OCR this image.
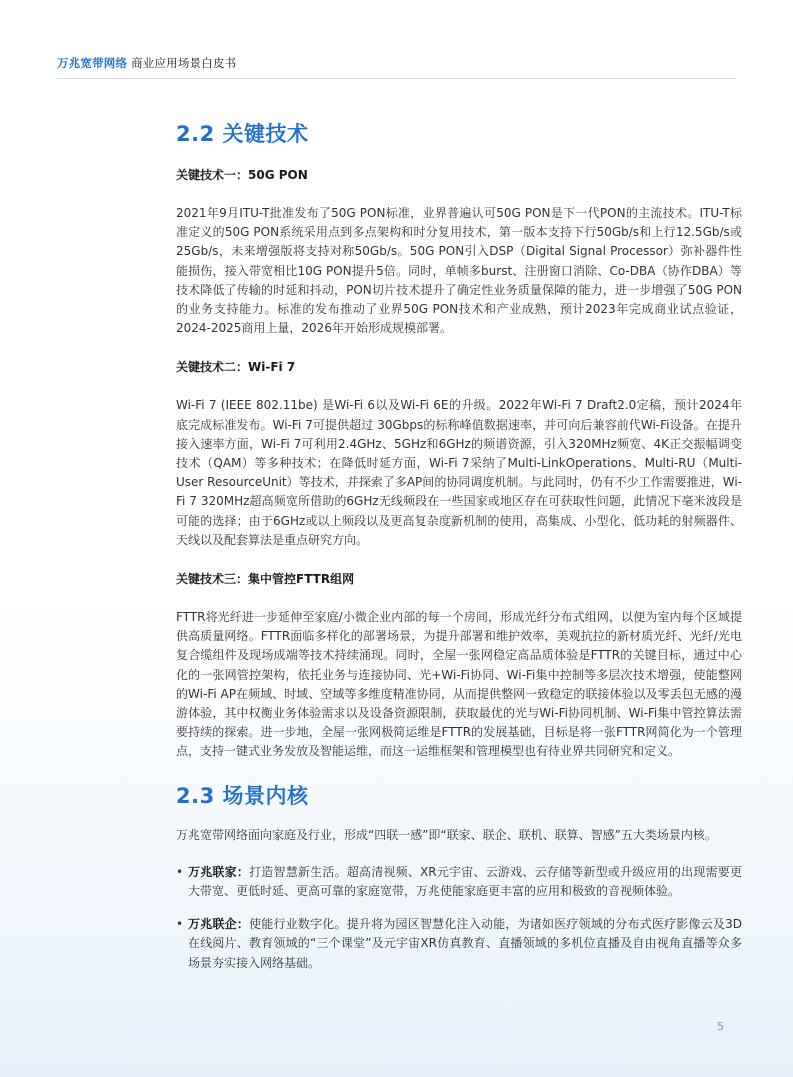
万兆宽带网络 商业应用场景白皮书
2.2 关键技术
关键技术一：50G PON

2021年9月ITU-T批准发布了50G PON标准，业界普遍认可50G PON是下一代PON的主流技术。ITU-T标准定义的50G PON系统采用点到多点架构和时分复用技术，第一版本支持下行50Gb/s和上行12.5Gb/s或25Gb/s，未来增强版将支持对称50Gb/s。50G PON引入DSP（Digital Signal Processor）弥补器件性能损伤，接入带宽相比10G PON提升5倍。同时，单帧多burst、注册窗口消除、Co-DBA（协作DBA）等技术降低了传输的时延和抖动，PON切片技术提升了确定性业务质量保障的能力，进一步增强了50G PON的业务支持能力。标准的发布推动了业界50G PON技术和产业成熟，预计2023年完成商业试点验证，2024-2025商用上量，2026年开始形成规模部署。

关键技术二：Wi-Fi 7

Wi-Fi 7 (IEEE 802.11be) 是Wi-Fi 6以及Wi-Fi 6E的升级。2022年Wi-Fi 7 Draft2.0定稿，预计2024年底完成标准发布。Wi-Fi 7可提供超过 30Gbps的标称峰值数据速率，并可向后兼容前代Wi-Fi设备。在提升接入速率方面，Wi-Fi 7可利用2.4GHz、5GHz和6GHz的频谱资源，引入320MHz频宽、4K正交振幅调变技术（QAM）等多种技术；在降低时延方面，Wi-Fi 7采纳了Multi-LinkOperations、Multi-RU（Multi-User ResourceUnit）等技术，并探索了多AP间的协同调度机制。与此同时，仍有不少工作需要推进，Wi-Fi 7 320MHz超高频宽所借助的6GHz无线频段在一些国家或地区存在可获取性问题，此情况下毫米波段是可能的选择；由于6GHz或以上频段以及更高复杂度新机制的使用，高集成、小型化、低功耗的射频器件、天线以及配套算法是重点研究方向。

关键技术三：集中管控FTTR组网

FTTR将光纤进一步延伸至家庭/小微企业内部的每一个房间，形成光纤分布式组网，以便为室内每个区域提供高质量网络。FTTR面临多样化的部署场景，为提升部署和维护效率，美观抗拉的新材质光纤、光纤/光电复合缆组件及现场成端等技术持续涌现。同时，全屋一张网稳定高品质体验是FTTR的关键目标，通过中心化的一张网管控架构，依托业务与连接协同、光+Wi-Fi协同、Wi-Fi集中控制等多层次技术增强，使能整网的Wi-Fi AP在频域、时域、空域等多维度精准协同，从而提供整网一致稳定的联接体验以及零丢包无感的漫游体验，其中权衡业务体验需求以及设备资源限制，获取最优的光与Wi-Fi协同机制、Wi-Fi集中管控算法需要持续的探索。进一步地，全屋一张网极简运维是FTTR的发展基础，目标是将一张FTTR网简化为一个管理点，支持一键式业务发放及智能运维，而这一运维框架和管理模型也有待业界共同研究和定义。

2.3 场景内核

万兆宽带网络面向家庭及行业，形成“四联一感”即“联家、联企、联机、联算、智感”五大类场景内核。

• 万兆联家：打造智慧新生活。超高清视频、XR元宇宙、云游戏、云存储等新型或升级应用的出现需要更大带宽、更低时延、更高可靠的家庭宽带，万兆使能家庭更丰富的应用和极致的音视频体验。
• 万兆联企：使能行业数字化。提升将为园区智慧化注入动能，为诸如医疗领域的分布式医疗影像云及3D在线阅片、教育领域的“三个课堂”及元宇宙XR仿真教育、直播领域的多机位直播及自由视角直播等众多场景夯实接入网络基础。
5
